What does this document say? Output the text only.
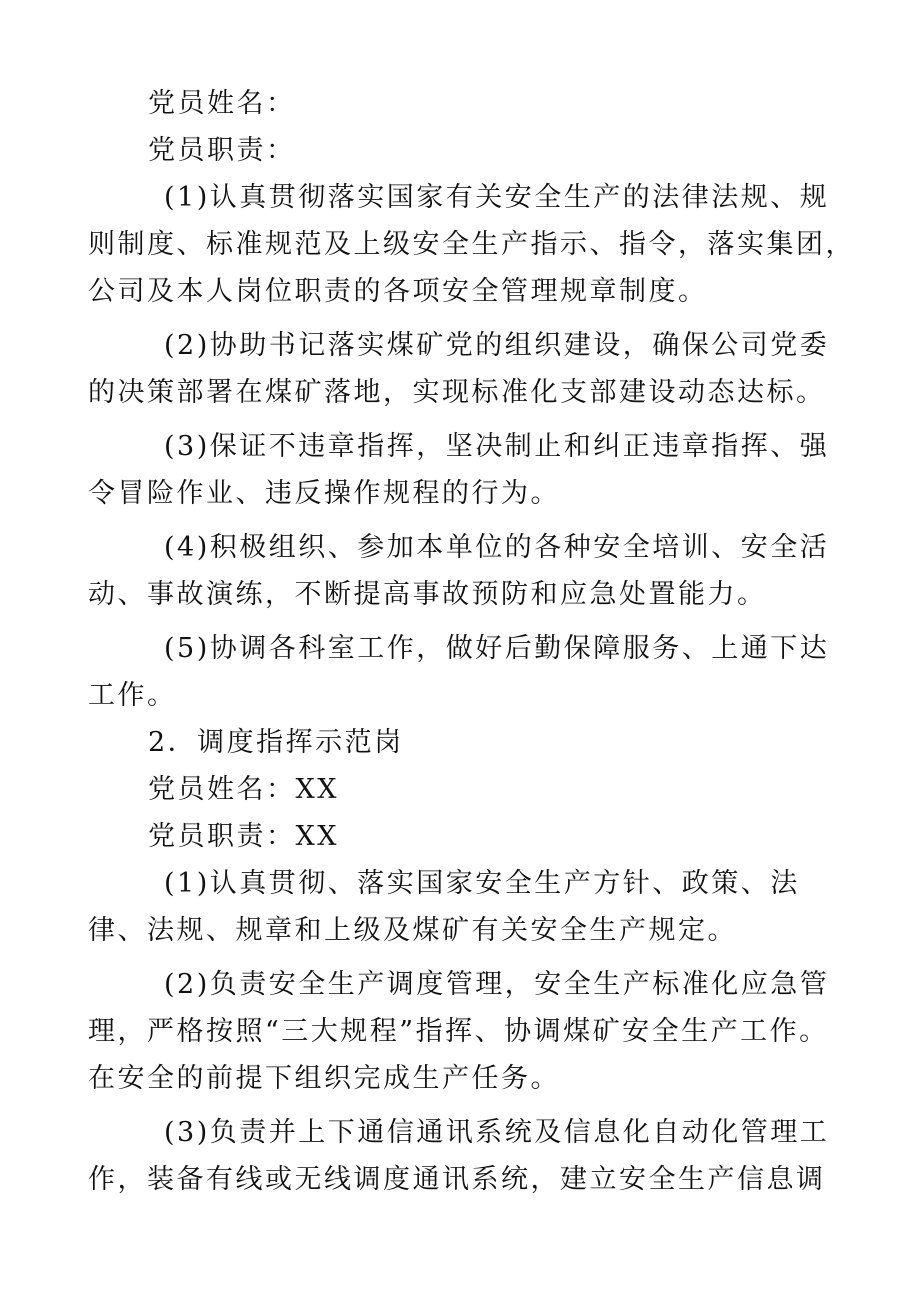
党员姓名：
党员职责：
(1)认真贯彻落实国家有关安全生产的法律法规、规
则制度、标准规范及上级安全生产指示、指令，落实集团，
公司及本人岗位职责的各项安全管理规章制度。
(2)协助书记落实煤矿党的组织建设，确保公司党委
的决策部署在煤矿落地，实现标准化支部建设动态达标。
(3)保证不违章指挥，坚决制止和纠正违章指挥、强
令冒险作业、违反操作规程的行为。
(4)积极组织、参加本单位的各种安全培训、安全活
动、事故演练，不断提高事故预防和应急处置能力。
(5)协调各科室工作，做好后勤保障服务、上通下达
工作。
2．调度指挥示范岗
党员姓名：XX
党员职责：XX
(1)认真贯彻、落实国家安全生产方针、政策、法
律、法规、规章和上级及煤矿有关安全生产规定。
(2)负责安全生产调度管理，安全生产标准化应急管
理，严格按照“三大规程”指挥、协调煤矿安全生产工作。
在安全的前提下组织完成生产任务。
(3)负责并上下通信通讯系统及信息化自动化管理工
作，装备有线或无线调度通讯系统，建立安全生产信息调
